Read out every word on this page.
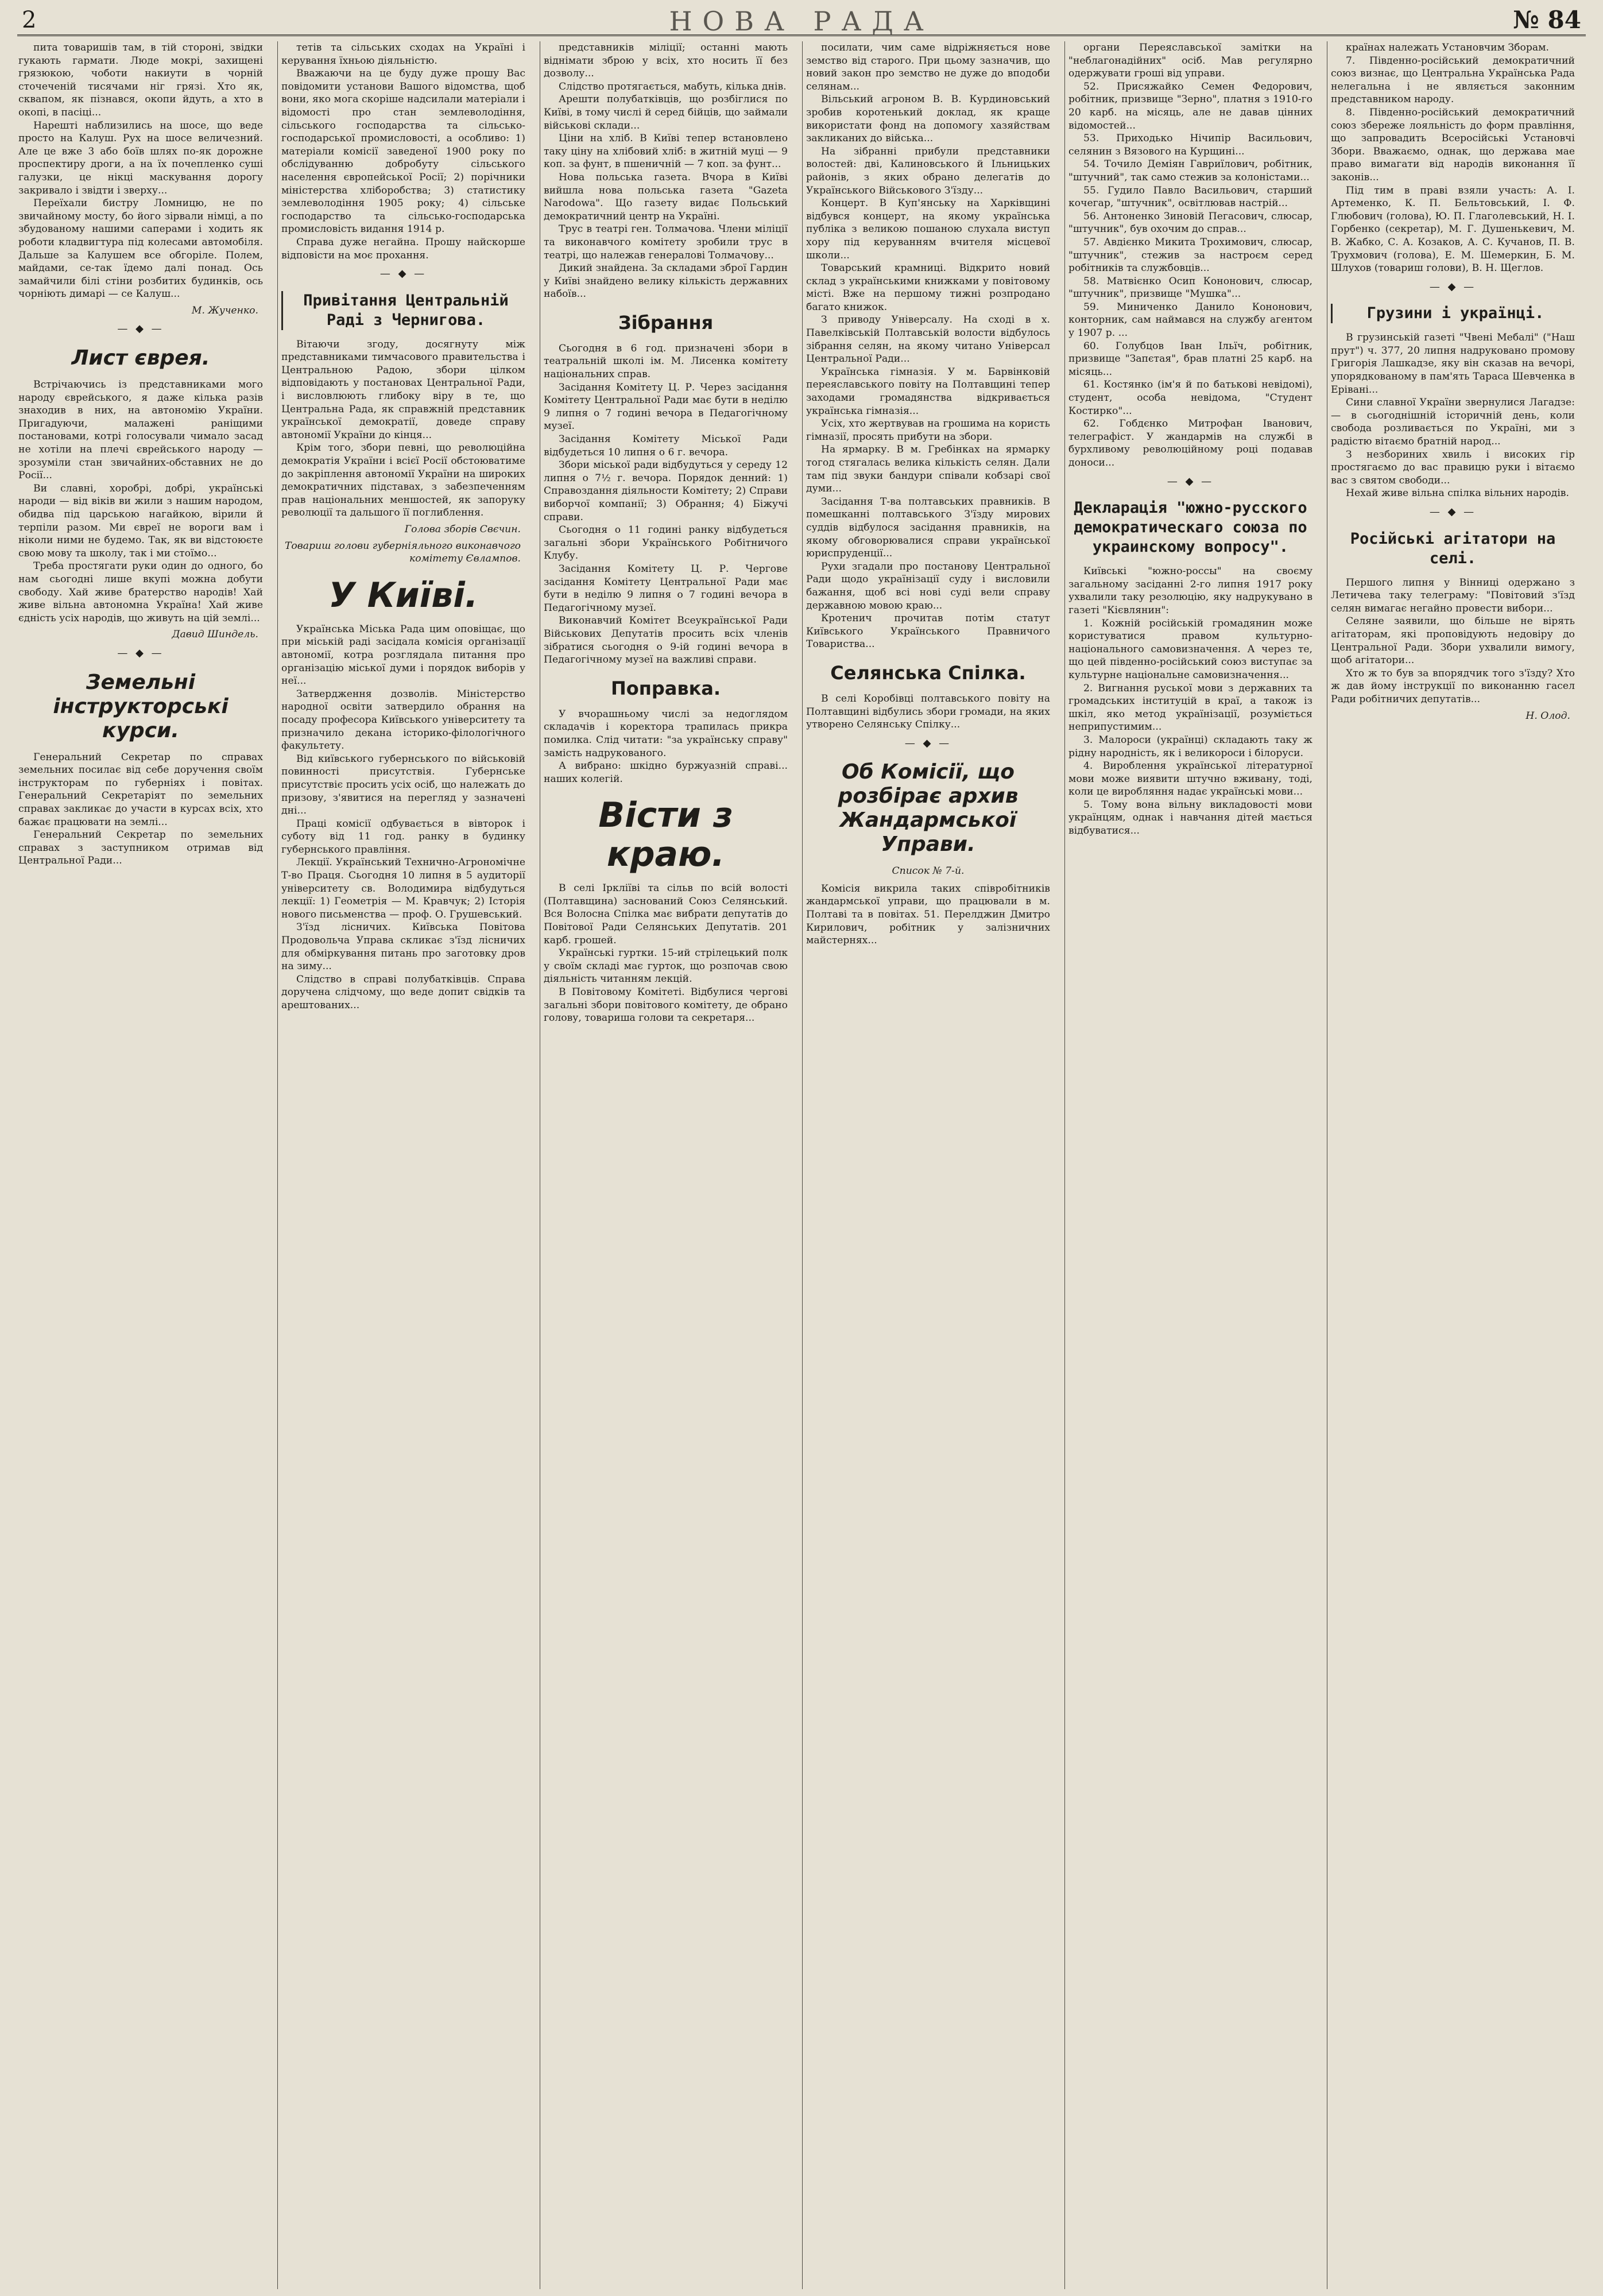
2	НОВА РАДА	№ 84

пита товаришів там, в тій стороні, звідки гукають гармати. Люде мокрі, захищені грязюкою, чоботи накиути в чорній сточеченій тисячами ніг грязі. Хто як, сквапом, як пізнався, окопи йдуть, а хто в окопі, в пасіці...

Нарешті наблизились на шосе, що веде просто на Калуш. Рух на шосе величезний. Але це вже 3 або боїв шлях по-як дорожне проспектиру дроги, а на їх почепленко суші галузки, це нікці маскування дорогу закривало і звідти і зверху...

Переїхали бистру Ломницю, не по звичайному мосту, бо його зірвали німці, а по збудованому нашими саперами і ходить як роботи кладвигтура під колесами автомобіля. Дальше за Калушем все обгоріле. Полем, майдами, се-так їдемо далі понад. Ось замайчили білі стіни розбитих будинків, ось чорніють димарі — се Калуш...

М. Жученко.
— ◆ —
Лист єврея.

Встрічаючись із представниками мого народу єврейського, я даже кілька разів знаходив в них, на автономію України. Пригадуючи, малажені раніщими постановами, котрі голосували чимало засад не хотіли на плечі єврейського народу — зрозуміли стан звичайних-обставних не до Росії...

Ви славні, хоробрі, добрі, українські народи — від віків ви жили з нашим народом, обидва під царською нагайкою, вірили й терпіли разом. Ми євреї не вороги вам і ніколи ними не будемо. Так, як ви відстоюєте свою мову та школу, так і ми стоїмо...

Треба простягати руки один до одного, бо нам сьогодні лише вкупі можна добути свободу. Хай живе братерство народів! Хай живе вільна автономна Україна! Хай живе єдність усіх народів, що живуть на цій землі...

Давид Шиндель.
— ◆ —
Земельні інструкторські курси.

Генеральний Секретар по справах земельних посилає від себе доручення своїм інструкторам по губерніях і повітах. Генеральний Секретаріят по земельних справах закликає до участи в курсах всіх, хто бажає працювати на землі...

Генеральний Секретар по земельних справах з заступником отримав від Центральної Ради...

тетів та сільських сходах на Україні і керування їхньою діяльністю.

Вважаючи на це буду дуже прошу Вас повідомити установи Вашого відомства, щоб вони, яко мога скоріше надсилали матеріали і відомості про стан землеволодіння, сільського господарства та сільсько-господарської промисловості, а особливо: 1) матеріали комісії заведеної 1900 року по обслідуванню добробуту сільського населення європейської Росії; 2) порічники міністерства хліборобства; 3) статистику землеволодіння 1905 року; 4) сільське господарство та сільсько-господарська промисловість видання 1914 р.

Справа дуже негайна. Прошу найскорше відповісти на моє прохання.

— ◆ —
Привітання Центральній Раді з Чернигова.

Вітаючи згоду, досягнуту між представниками тимчасового правительства і Центральною Радою, збори цілком відповідають у постановах Центральної Ради, і висловлюють глибоку віру в те, що Центральна Рада, як справжній представник української демократії, доведе справу автономії України до кінця...

Крім того, збори певні, що революційна демократія України і всієї Росії обстоюватиме до закріплення автономії України на широких демократичних підставах, з забезпеченням прав національних меншостей, як запоруку революції та дальшого її поглиблення.

Голова зборів Свєчин.
Товариш голови губерніяльного виконавчого комітету Євлампов.
У Київі.

Українська Міська Рада цим оповіщає, що при міській раді засідала комісія організації автономії, котра розглядала питання про організацію міської думи і порядок виборів у неї...

Затвердження дозволів. Міністерство народної освіти затвердило обрання на посаду професора Київського університету та призначило декана історико-філологічного факультету.

Від київського губернського по військовій повинності присутствія. Губернське присутствіє просить усіх осіб, що належать до призову, з'явитися на перегляд у зазначені дні...

Праці комісії одбувається в вівторок і суботу від 11 год. ранку в будинку губернського правління.

Лекції. Український Технично-Агрономічне Т-во Праця. Сьогодня 10 липня в 5 аудиторії університету св. Володимира відбудуться лекції: 1) Геометрія — М. Кравчук; 2) Історія нового письменства — проф. О. Грушевський.

З'їзд лісничих. Київська Повітова Продовольча Управа скликає з'їзд лісничих для обміркування питань про заготовку дров на зиму...

Слідство в справі полубатківців. Справа доручена слідчому, що веде допит свідків та арештованих...

представників міліції; останні мають віднімати зброю у всіх, хто носить її без дозволу...

Слідство протягається, мабуть, кілька днів.

Арешти полубатківців, що розбіглися по Київі, в тому числі й серед бійців, що займали військові склади...

Ціни на хліб. В Київі тепер встановлено таку ціну на хлібовий хліб: в житній муці — 9 коп. за фунт, в пшеничній — 7 коп. за фунт...

Нова польська газета. Вчора в Київі вийшла нова польська газета "Gazeta Narodowa". Що газету видає Польський демократичний центр на Україні.

Трус в театрі ген. Толмачова. Члени міліції та виконавчого комітету зробили трус в театрі, що належав генералові Толмачову...

Дикий знайдена. За складами зброї Гардин у Київі знайдено велику кількість державних набоїв...

Зібрання

Сьогодня в 6 год. призначені збори в театральній школі ім. М. Лисенка комітету національних справ.

Засідання Комітету Ц. Р. Через засідання Комітету Центральної Ради має бути в неділю 9 липня о 7 годині вечора в Педагогічному музеї.

Засідання Комітету Міської Ради відбудеться 10 липня о 6 г. вечора.

Збори міської ради відбудуться у середу 12 липня о 7½ г. вечора. Порядок денний: 1) Справоздання діяльности Комітету; 2) Справи виборчої компанії; 3) Обрання; 4) Біжучі справи.

Сьогодня о 11 годині ранку відбудеться загальні збори Українського Робітничого Клубу.

Засідання Комітету Ц. Р. Чергове засідання Комітету Центральної Ради має бути в неділю 9 липня о 7 годині вечора в Педагогічному музеї.

Виконавчий Комітет Всеукраїнської Ради Військових Депутатів просить всіх членів зібратися сьогодня о 9-ій годині вечора в Педагогічному музеї на важливі справи.

Поправка.

У вчорашньому числі за недоглядом складачів і коректора трапилась прикра помилка. Слід читати: "за українську справу" замість надрукованого.

А вибрано: шкідно буржуазній справі... наших колегій.

Вісти з краю.

В селі Іркліїві та сільв по всій волості (Полтавщина) заснований Союз Селянський. Вся Волосна Спілка має вибрати депутатів до Повітової Ради Селянських Депутатів. 201 карб. грошей.

Українські гуртки. 15-ий стрілецький полк у своїм складі має гурток, що розпочав свою діяльність читанням лекцій.

В Повітовому Комітеті. Відбулися чергові загальні збори повітового комітету, де обрано голову, товариша голови та секретаря...

посилати, чим саме відріжняється нове земство від старого. При цьому зазначив, що новий закон про земство не дуже до вподоби селянам...

Вільський агроном В. В. Курдиновський зробив коротенький доклад, як краще використати фонд на допомогу хазяйствам закликаних до війська...

На зібранні прибули представники волостей: дві, Калиновського й Ільницьких районів, з яких обрано делегатів до Українського Військового З'їзду...

Концерт. В Куп'янську на Харківщині відбувся концерт, на якому українська публіка з великою пошаною слухала виступ хору під керуванням вчителя місцевої школи...

Товарський крамниці. Відкрито новий склад з українськими книжками у повітовому місті. Вже на першому тижні розпродано багато книжок.

З приводу Універсалу. На сході в х. Павелківській Полтавській волости відбулось зібрання селян, на якому читано Універсал Центральної Ради...

Українська гімназія. У м. Барвінковій переяславського повіту на Полтавщині тепер заходами громадянства відкривається українська гімназія...

Усіх, хто жертвував на грошима на користь гімназії, просять прибути на збори.

На ярмарку. В м. Гребінках на ярмарку тогод стягалась велика кількість селян. Дали там під звуки бандури співали кобзарі свої думи...

Засідання Т-ва полтавських правників. В помешканні полтавського З'їзду мирових суддів відбулося засідання правників, на якому обговорювалися справи української юриспруденції...

Рухи згадали про постанову Центральної Ради щодо українізації суду і висловили бажання, щоб всі нові суді вели справу державною мовою краю...

Кротенич прочитав потім статут Київського Українського Правничого Товариства...

Селянська Спілка.

В селі Коробівці полтавського повіту на Полтавщині відбулись збори громади, на яких утворено Селянську Спілку...

— ◆ —
Об Комісії, що розбірає архив Жандармської Управи.
Список № 7-й.

Комісія викрила таких співробітників жандармської управи, що працювали в м. Полтаві та в повітах. 51. Перелджин Дмитро Кирилович, робітник у залізничних майстернях...

органи Переяславської замітки на "неблагонадійних" осіб. Мав регулярно одержувати гроші від управи.

52. Присяжайко Семен Федорович, робітник, призвище "Зерно", платня з 1910-го 20 карб. на місяць, але не давав цінних відомостей...

53. Приходько Нічипір Васильович, селянин з Вязового на Курщині...

54. Точило Деміян Гавриїлович, робітник, "штучний", так само стежив за колоністами...

55. Гудило Павло Васильович, старший кочегар, "штучник", освітлював настрій...

56. Антоненко Зиновій Пегасович, слюсар, "штучник", був охочим до справ...

57. Авдієнко Микита Трохимович, слюсар, "штучник", стежив за настроєм серед робітників та службовців...

58. Матвієнко Осип Кононович, слюсар, "штучник", призвище "Мушка"...

59. Миниченко Данило Кононович, конторник, сам наймався на службу агентом у 1907 р. ...

60. Голубцов Іван Ільїч, робітник, призвище "Запєтая", брав платні 25 карб. на місяць...

61. Костянко (ім'я й по батькові невідомі), студент, особа невідома, "Студент Костирко"...

62. Гобдєнко Митрофан Іванович, телеграфіст. У жандармів на службі в бурхливому революційному році подавав доноси...

— ◆ —
Декларація "южно-русского демократическаго союза по украинскому вопросу".

Київські "южно-россы" на своєму загальному засіданні 2-го липня 1917 року ухвалили таку резолюцію, яку надрукувано в газеті "Кієвлянин":

1. Кожній російській громадянин може користуватися правом культурно-національного самовизначення. А через те, що цей південно-російський союз виступає за культурне національне самовизначення...

2. Вигнання руської мови з державних та громадських інституцій в краї, а також із шкіл, яко метод українізації, розуміється неприпустимим...

3. Малороси (українці) складають таку ж рідну народність, як і великороси і білоруси.

4. Вироблення української літературної мови може виявити штучно вживану, тоді, коли це виробляння надає українські мови...

5. Тому вона вільну викладовості мови українцям, однак і навчання дітей мається відбуватися...

країнах належать Установчим Зборам.

7. Південно-російський демократичний союз визнає, що Центральна Українська Рада нелегальна і не являється законним представником народу.

8. Південно-російський демократичний союз збереже лояльність до форм правління, що запровадить Всеросійські Установчі Збори. Вважаємо, однак, що держава мае право вимагати від народів виконання її законів...

Під тим в праві взяли участь: А. І. Артеменко, К. П. Бельтовський, І. Ф. Глюбович (голова), Ю. П. Глаголевський, Н. І. Горбенко (секретар), М. Г. Душенькевич, М. В. Жабко, С. А. Козаков, А. С. Кучанов, П. В. Трухмович (голова), Е. М. Шемеркин, Б. М. Шлухов (товариш голови), В. Н. Щеглов.

— ◆ —
Грузини і українці.

В грузинській газеті "Чвені Мебалі" ("Наш прут") ч. 377, 20 липня надруковано промову Григорія Лашкадзе, яку він сказав на вечорі, упорядкованому в пам'ять Тараса Шевченка в Ерівані...

Сини славної України звернулися Лагадзе: — в сьогоднішній історичній день, коли свобода розливається по Україні, ми з радістю вітаємо братній народ...

З незбориних хвиль і високих гір простягаємо до вас правицю руки і вітаємо вас з святом свободи...

Нехай живе вільна спілка вільних народів.

— ◆ —
Російські агітатори на селі.

Першого липня у Вінниці одержано з Летичева таку телеграму: "Повітовий з'їзд селян вимагає негайно провести вибори...

Селяне заявили, що більше не вірять агітаторам, які проповідують недовіру до Центральної Ради. Збори ухвалили вимогу, щоб агітатори...

Хто ж то був за впорядчик того з'їзду? Хто ж дав йому інструкції по виконанню гасел Ради робітничих депутатів...

Н. Олод.
